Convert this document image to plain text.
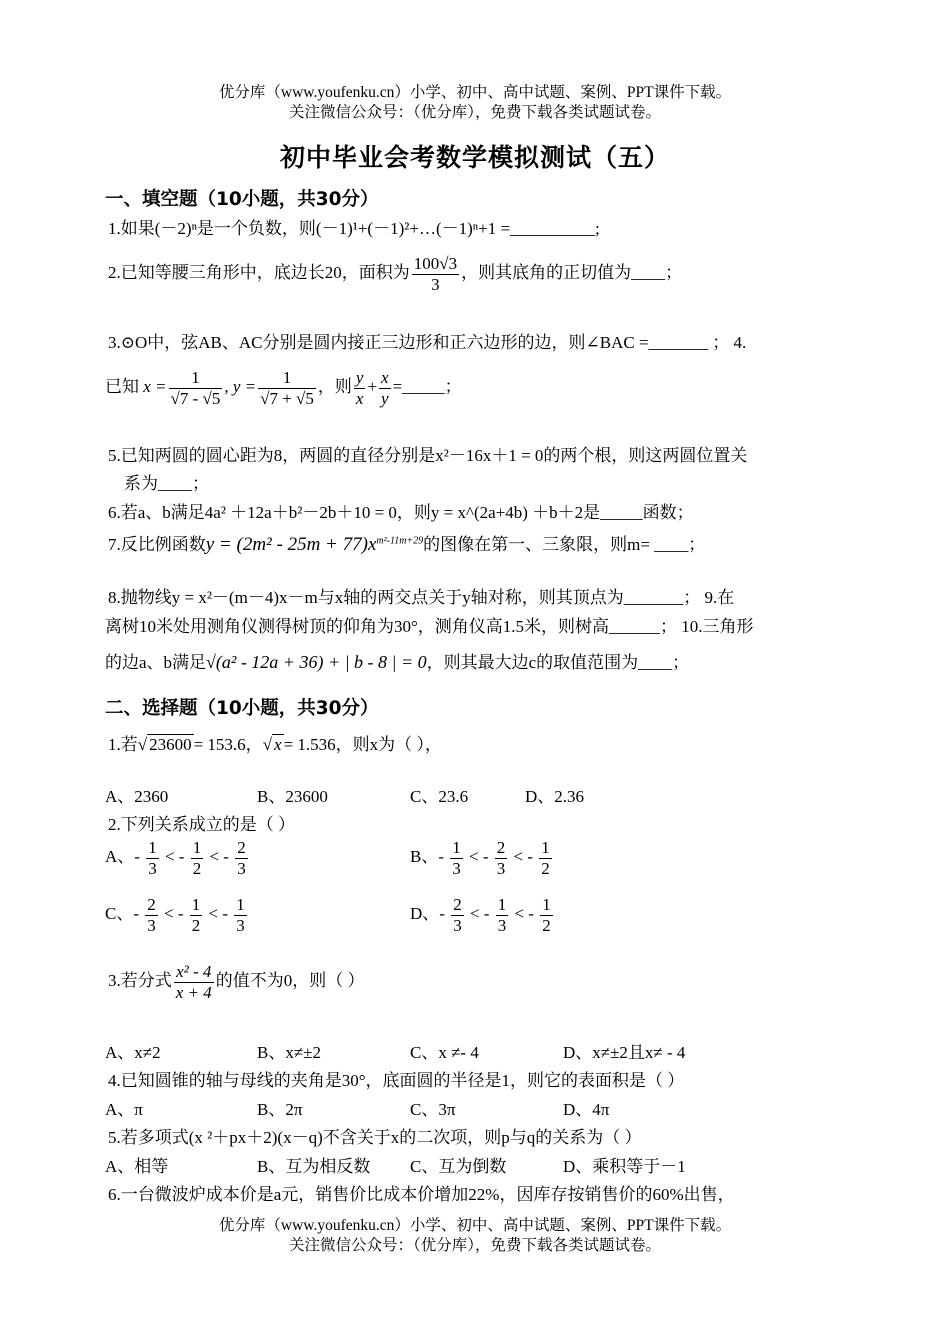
优分库（www.youfenku.cn）小学、初中、高中试题、案例、PPT课件下载。
关注微信公众号：（优分库），免费下载各类试题试卷。
初中毕业会考数学模拟测试（五）
一、填空题（10小题，共30分）
1.如果(－2)ⁿ是一个负数，则(－1)¹+(－1)²+…(－1)ⁿ+1 =__________;
2.已知等腰三角形中，底边长20，面积为 $\frac{100√3}{3}$ ，则其底角的正切值为____；
3.⊙O中，弦AB、AC分别是圆内接正三边形和正六边形的边，则∠BAC =_______ ； 4.
已知 $x = \frac{1}{√7 - √5}$ , $y = \frac{1}{√7 + √5}$ ，则 $\frac{y}{x} + \frac{x}{y}$ =_____；
5.已知两圆的圆心距为8，两圆的直径分别是x²－16x＋1 = 0的两个根，则这两圆位置关
系为____；
6.若a、b满足4a² ＋12a＋b²－2b＋10 = 0，则y = x^(2a+4b) ＋b＋2是_____函数；
7.反比例函数$y = (2m^2 - 25m + 77)x^{m^2-11m+29}$的图像在第一、三象限，则m= ____；
8.抛物线y = x²－(m－4)x－m与x轴的两交点关于y轴对称，则其顶点为_______； 9.在
离树10米处用测角仪测得树顶的仰角为30°，测角仪高1.5米，则树高______； 10.三角形
的边a、b满足√(a² - 12a + 36) + | b - 8 | = 0，则其最大边c的取值范围为____；
二、选择题（10小题，共30分）
1.若√ 23600 = 153.6，√ x = 1.536，则x为（ ），
A、2360	B、23600	C、23.6	D、2.36
2.下列关系成立的是（ ）
A、- $\frac{1}{3}$ < - $\frac{1}{2}$ < - $\frac{2}{3}$	B、- $\frac{1}{3}$ < - $\frac{2}{3}$ < - $\frac{1}{2}$
C、- $\frac{2}{3}$ < - $\frac{1}{2}$ < - $\frac{1}{3}$	D、- $\frac{2}{3}$ < - $\frac{1}{3}$ < - $\frac{1}{2}$
3.若分式 $\frac{\text{x² - 4}}{x + 4}$ 的值不为0，则（ ）
A、x≠2	B、x≠±2	C、x ≠- 4	D、x≠±2且x≠ - 4
4.已知圆锥的轴与母线的夹角是30°，底面圆的半径是1，则它的表面积是（ ）
A、π	B、2π	C、3π	D、4π
5.若多项式(x ²＋px＋2)(x－q)不含关于x的二次项，则p与q的关系为（ ）
A、相等	B、互为相反数 C、互为倒数	D、乘积等于－1
6.一台微波炉成本价是a元，销售价比成本价增加22%，因库存按销售价的60%出售，
优分库（www.youfenku.cn）小学、初中、高中试题、案例、PPT课件下载。
关注微信公众号：（优分库），免费下载各类试题试卷。
